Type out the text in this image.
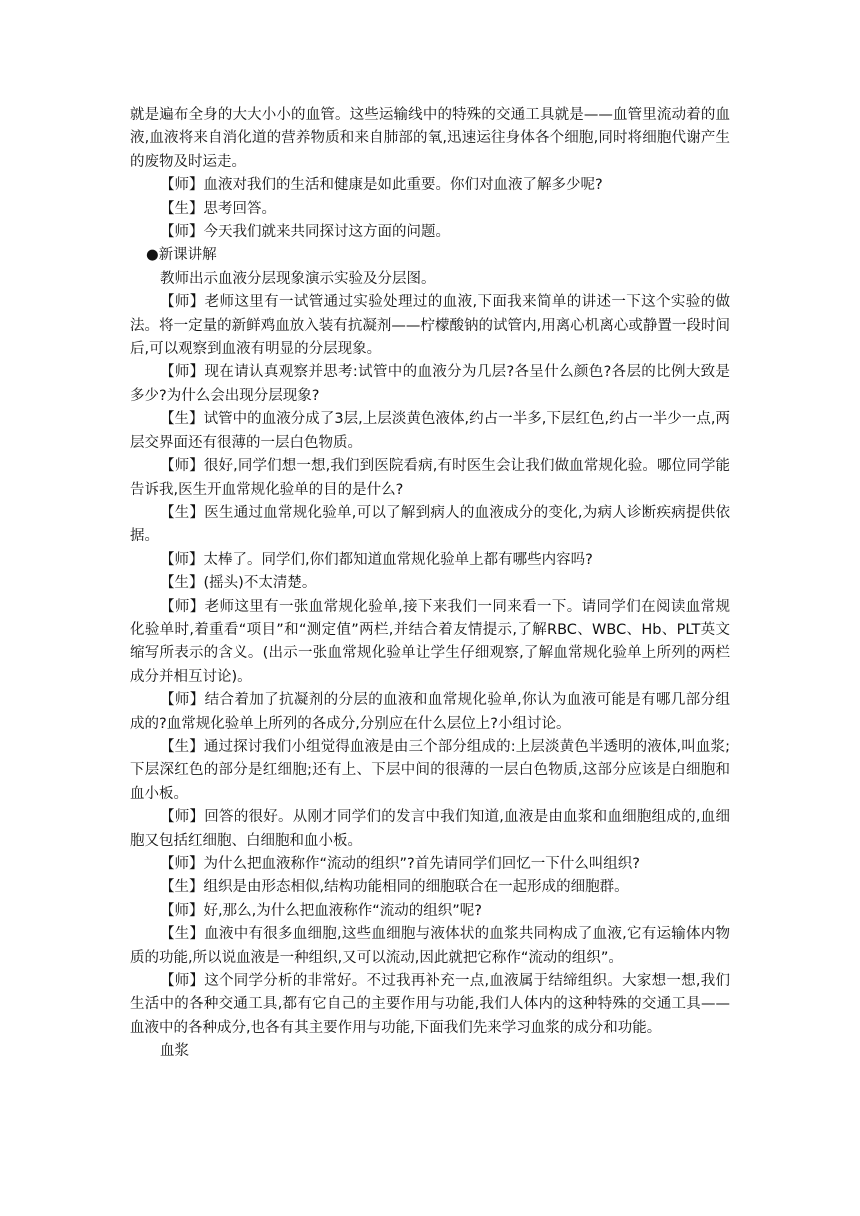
就是遍布全身的大大小小的血管。这些运输线中的特殊的交通工具就是——血管里流动着的血液,血液将来自消化道的营养物质和来自肺部的氧,迅速运往身体各个细胞,同时将细胞代谢产生的废物及时运走。

【师】血液对我们的生活和健康是如此重要。你们对血液了解多少呢?

【生】思考回答。

【师】今天我们就来共同探讨这方面的问题。

●新课讲解

教师出示血液分层现象演示实验及分层图。

【师】老师这里有一试管通过实验处理过的血液,下面我来简单的讲述一下这个实验的做法。将一定量的新鲜鸡血放入装有抗凝剂——柠檬酸钠的试管内,用离心机离心或静置一段时间后,可以观察到血液有明显的分层现象。

【师】现在请认真观察并思考:试管中的血液分为几层?各呈什么颜色?各层的比例大致是多少?为什么会出现分层现象?

【生】试管中的血液分成了3层,上层淡黄色液体,约占一半多,下层红色,约占一半少一点,两层交界面还有很薄的一层白色物质。

【师】很好,同学们想一想,我们到医院看病,有时医生会让我们做血常规化验。哪位同学能告诉我,医生开血常规化验单的目的是什么?

【生】医生通过血常规化验单,可以了解到病人的血液成分的变化,为病人诊断疾病提供依据。

【师】太棒了。同学们,你们都知道血常规化验单上都有哪些内容吗?

【生】(摇头)不太清楚。

【师】老师这里有一张血常规化验单,接下来我们一同来看一下。请同学们在阅读血常规化验单时,着重看“项目”和“测定值”两栏,并结合着友情提示,了解RBC、WBC、Hb、PLT英文缩写所表示的含义。(出示一张血常规化验单让学生仔细观察,了解血常规化验单上所列的两栏成分并相互讨论)。

【师】结合着加了抗凝剂的分层的血液和血常规化验单,你认为血液可能是有哪几部分组成的?血常规化验单上所列的各成分,分别应在什么层位上?小组讨论。

【生】通过探讨我们小组觉得血液是由三个部分组成的:上层淡黄色半透明的液体,叫血浆;下层深红色的部分是红细胞;还有上、下层中间的很薄的一层白色物质,这部分应该是白细胞和血小板。

【师】回答的很好。从刚才同学们的发言中我们知道,血液是由血浆和血细胞组成的,血细胞又包括红细胞、白细胞和血小板。

【师】为什么把血液称作“流动的组织”?首先请同学们回忆一下什么叫组织?

【生】组织是由形态相似,结构功能相同的细胞联合在一起形成的细胞群。

【师】好,那么,为什么把血液称作“流动的组织”呢?

【生】血液中有很多血细胞,这些血细胞与液体状的血浆共同构成了血液,它有运输体内物质的功能,所以说血液是一种组织,又可以流动,因此就把它称作“流动的组织”。

【师】这个同学分析的非常好。不过我再补充一点,血液属于结缔组织。大家想一想,我们生活中的各种交通工具,都有它自己的主要作用与功能,我们人体内的这种特殊的交通工具——血液中的各种成分,也各有其主要作用与功能,下面我们先来学习血浆的成分和功能。

血浆
